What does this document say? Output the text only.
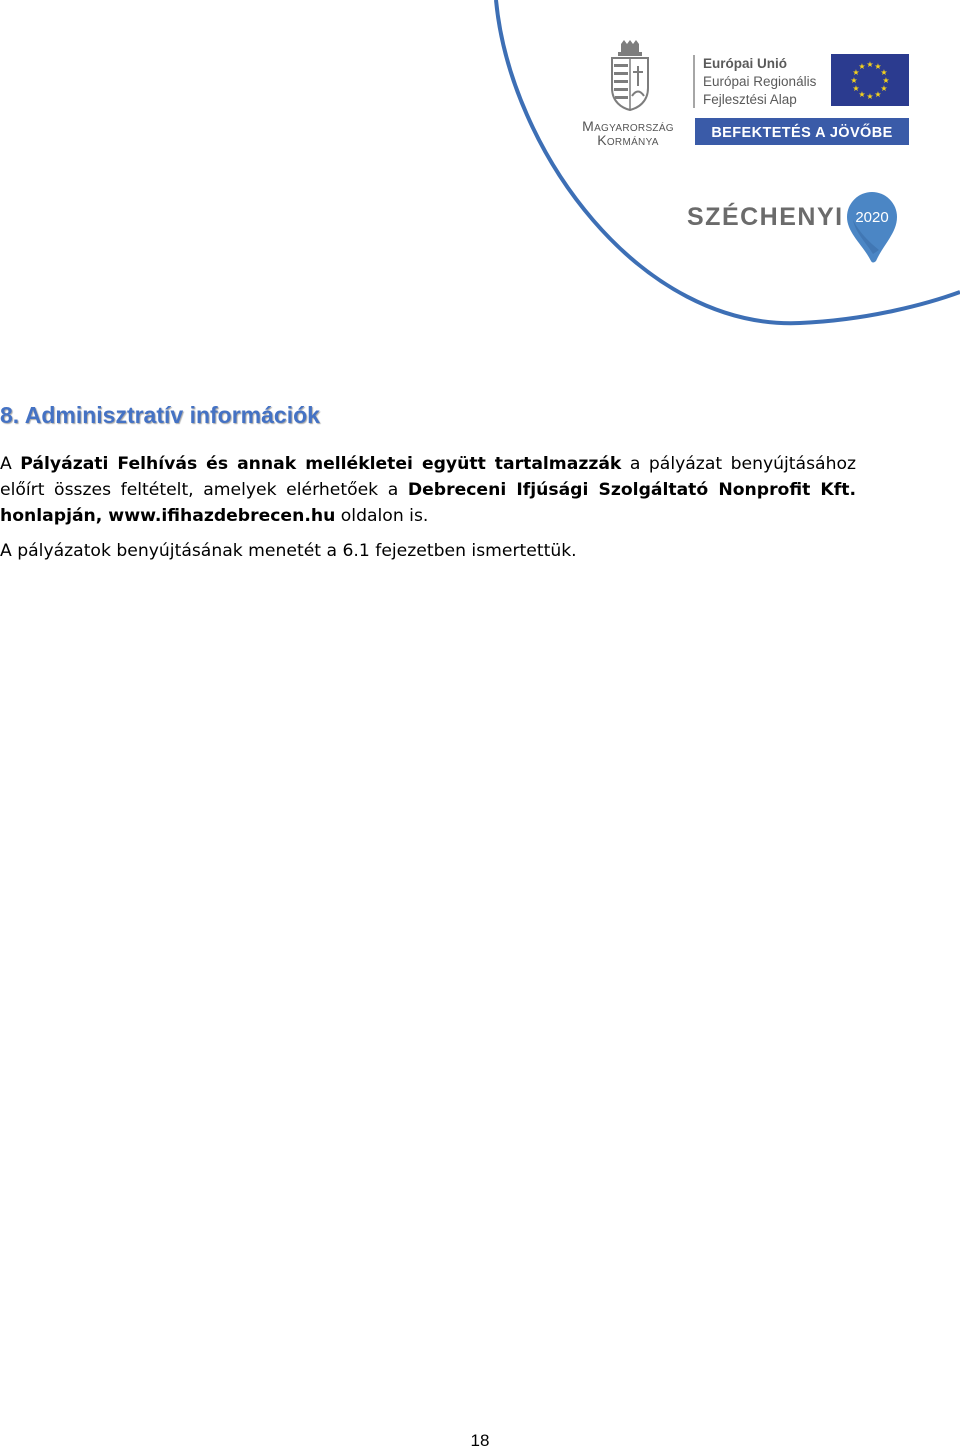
Magyarország
Kormánya
Európai Unió
Európai Regionális
Fejlesztési Alap
★ ★
★
★
★
★
★
★
★
★
★
★
BEFEKTETÉS A JÖVŐBE
SZÉCHENYI 2020
8. Adminisztratív információk

A Pályázati Felhívás és annak mellékletei együtt tartalmazzák a pályázat benyújtásához előírt összes feltételt, amelyek elérhetőek a Debreceni Ifjúsági Szolgáltató Nonprofit Kft. honlapján, www.ifihazdebrecen.hu oldalon is.

A pályázatok benyújtásának menetét a 6.1 fejezetben ismertettük.

18
